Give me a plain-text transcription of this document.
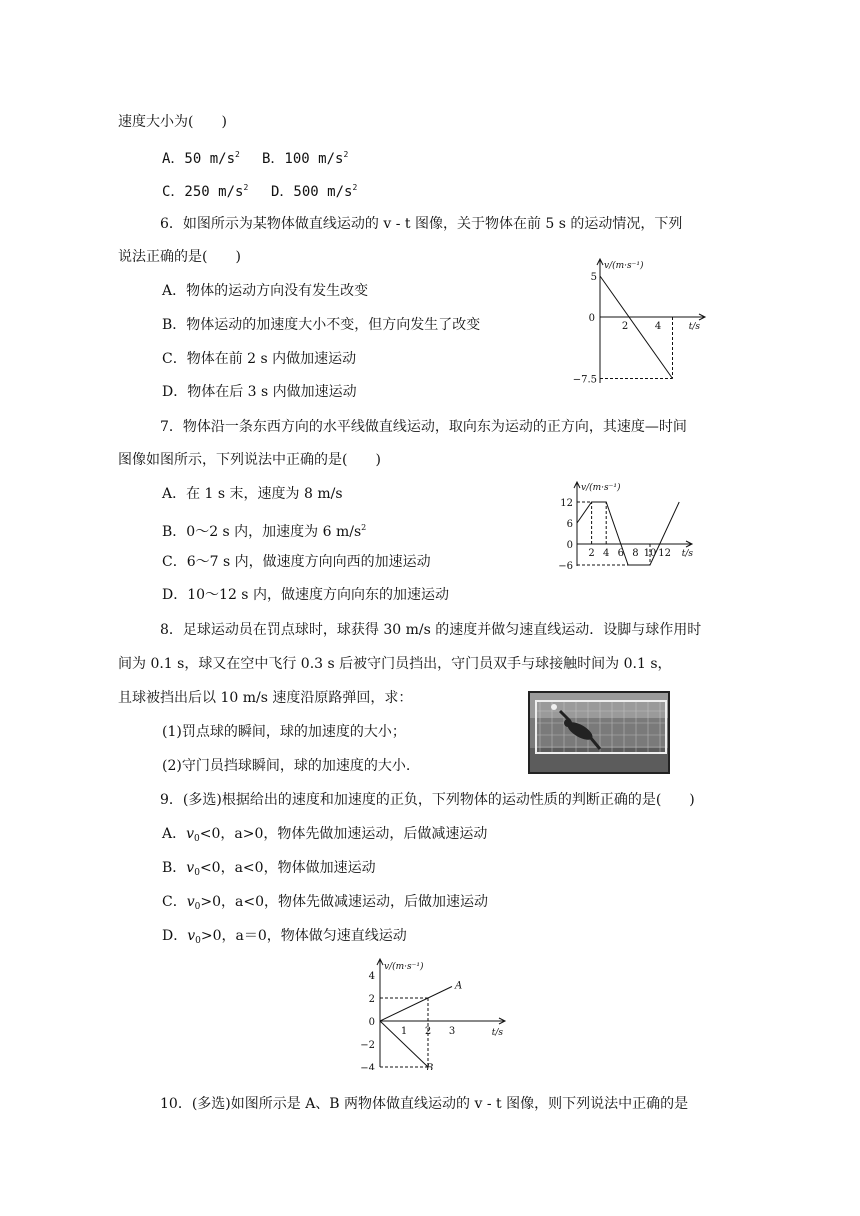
速度大小为(　　)
A．50 $m/s^2$ B．100 $m/s^2$
C．250 $m/s^2$ D．500 $m/s^2$
6．如图所示为某物体做直线运动的 v - t 图像，关于物体在前 5 s 的运动情况，下列
说法正确的是(　　)
A．物体的运动方向没有发生改变
B．物体运动的加速度大小不变，但方向发生了改变
C．物体在前 2 s 内做加速运动
D．物体在后 3 s 内做加速运动
v/(m·s⁻¹)
t/s
5
0
−7.5
2	4
7．物体沿一条东西方向的水平线做直线运动，取向东为运动的正方向，其速度—时间
图像如图所示，下列说法中正确的是(　　)
A．在 1 s 末，速度为 8 m/s
B．0～2 s 内，加速度为 6 $m/s^2$
C．6～7 s 内，做速度方向向西的加速运动
D．10～12 s 内，做速度方向向东的加速运动
v/(m·s⁻¹)
t/s
12
6
0
−6
2 4 6 8 10 12
8．足球运动员在罚点球时，球获得 30 m/s 的速度并做匀速直线运动．设脚与球作用时
间为 0.1 s，球又在空中飞行 0.3 s 后被守门员挡出，守门员双手与球接触时间为 0.1 s，
且球被挡出后以 10 m/s 速度沿原路弹回，求：
(1)罚点球的瞬间，球的加速度的大小；
(2)守门员挡球瞬间，球的加速度的大小.
9．(多选)根据给出的速度和加速度的正负，下列物体的运动性质的判断正确的是(　　)
A．$v_0<0$，a>0，物体先做加速运动，后做减速运动
B．$v_0<0$，a<0，物体做加速运动
C．$v_0>0$，a<0，物体先做减速运动，后做加速运动
D．$v_0>0$，a＝0，物体做匀速直线运动
v/(m·s⁻¹)
t/s
4
2
0
−2
−4
1 2 3
A
B
10．(多选)如图所示是 A、B 两物体做直线运动的 v - t 图像，则下列说法中正确的是
